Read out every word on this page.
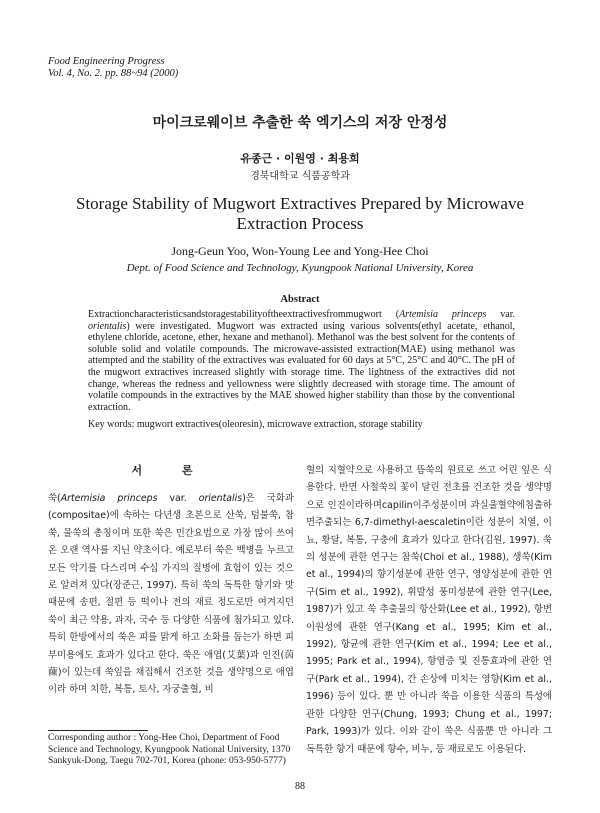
Food Engineering Progress
Vol. 4, No. 2. pp. 88~94 (2000)
마이크로웨이브 추출한 쑥 엑기스의 저장 안정성
유종근 · 이원영 · 최용희
경북대학교 식품공학과
Storage Stability of Mugwort Extractives Prepared by Microwave Extraction Process
Jong-Geun Yoo, Won-Young Lee and Yong-Hee Choi
Dept. of Food Science and Technology, Kyungpook National University, Korea
Abstract
Extractioncharacteristicsandstoragestabilityoftheextractivesfrommugwort (Artemisia princeps var. orientalis) were investigated. Mugwort was extracted using various solvents(ethyl acetate, ethanol, ethylene chloride, acetone, ether, hexane and methanol). Methanol was the best solvent for the contents of soluble solid and volatile compounds. The microwave-assisted extraction(MAE) using methanol was attempted and the stability of the extractives was evaluated for 60 days at 5°C, 25°C and 40°C. The pH of the mugwort extractives increased slightly with storage time. The lightness of the extractives did not change, whereas the redness and yellowness were slightly decreased with storage time. The amount of volatile compounds in the extractives by the MAE showed higher stability than those by the conventional extraction.
Key words: mugwort extractives(oleoresin), microwave extraction, storage stability
서 론
쑥(Artemisia princeps var. orientalis)은 국화과(compositae)에 속하는 다년생 초본으로 산쑥, 덤불쑥, 참쑥, 물쑥의 총칭이며 또한 쑥은 민간요법으로 가장 많이 쓰여온 오랜 역사를 지닌 약초이다. 예로부터 쑥은 백병을 누르고 모든 악기를 다스리며 수십 가지의 질병에 효험이 있는 것으로 알려져 있다(장준근, 1997). 특히 쑥의 독특한 향기와 맛 때문에 송편, 절편 등 떡이나 전의 재료 정도로만 여겨지던 쑥이 최근 약용, 과자, 국수 등 다양한 식품에 첨가되고 있다. 특히 한방에서의 쑥은 피를 맑게 하고 소화를 돕는가 하면 피부미용에도 효과가 있다고 한다. 쑥은 애엽(艾葉)과 인진(茵蔯)이 있는데 쑥잎을 채집해서 건조한 것을 생약명으로 애엽이라 하며 치한, 복통, 토사, 자궁출혈, 비
혈의 지혈약으로 사용하고 뜸쑥의 원료로 쓰고 어린 잎은 식용한다. 반면 사철쑥의 꽃이 달린 전초를 건조한 것을 생약명으로 인진이라하며capilin이주성분이며 과실울혈약에침출하면주출되는 6,7-dimethyl-aescaletin이란 성분이 치열, 이뇨, 황달, 복통, 구충에 효과가 있다고 한다(김원, 1997). 쑥의 성분에 관한 연구는 참쑥(Choi et al., 1988), 생쑥(Kim et al., 1994)의 향기성분에 관한 연구, 영양성분에 관한 연구(Sim et al., 1992), 휘발성 풍미성분에 관한 연구(Lee, 1987)가 있고 쑥 추출물의 항산화(Lee et al., 1992), 항변이원성에 관한 연구(Kang et al., 1995; Kim et al., 1992), 항균에 관한 연구(Kim et al., 1994; Lee et al., 1995; Park et al., 1994), 향염증 및 진통효과에 관한 연구(Park et al., 1994), 간 손상에 미치는 영향(Kim et al., 1996) 등이 있다. 뿐 만 아니라 쑥을 이용한 식품의 특성에 관한 다양한 연구(Chung, 1993; Chung et al., 1997; Park, 1993)가 있다. 이와 같이 쑥은 식품뿐 만 아니라 그 독특한 향기 때문에 향수, 비누, 등 재료로도 이용된다.
Corresponding author : Yong-Hee Choi, Department of Food Science and Technology, Kyungpook National University, 1370 Sankyuk-Dong, Taegu 702-701, Korea (phone: 053-950-5777)
88
